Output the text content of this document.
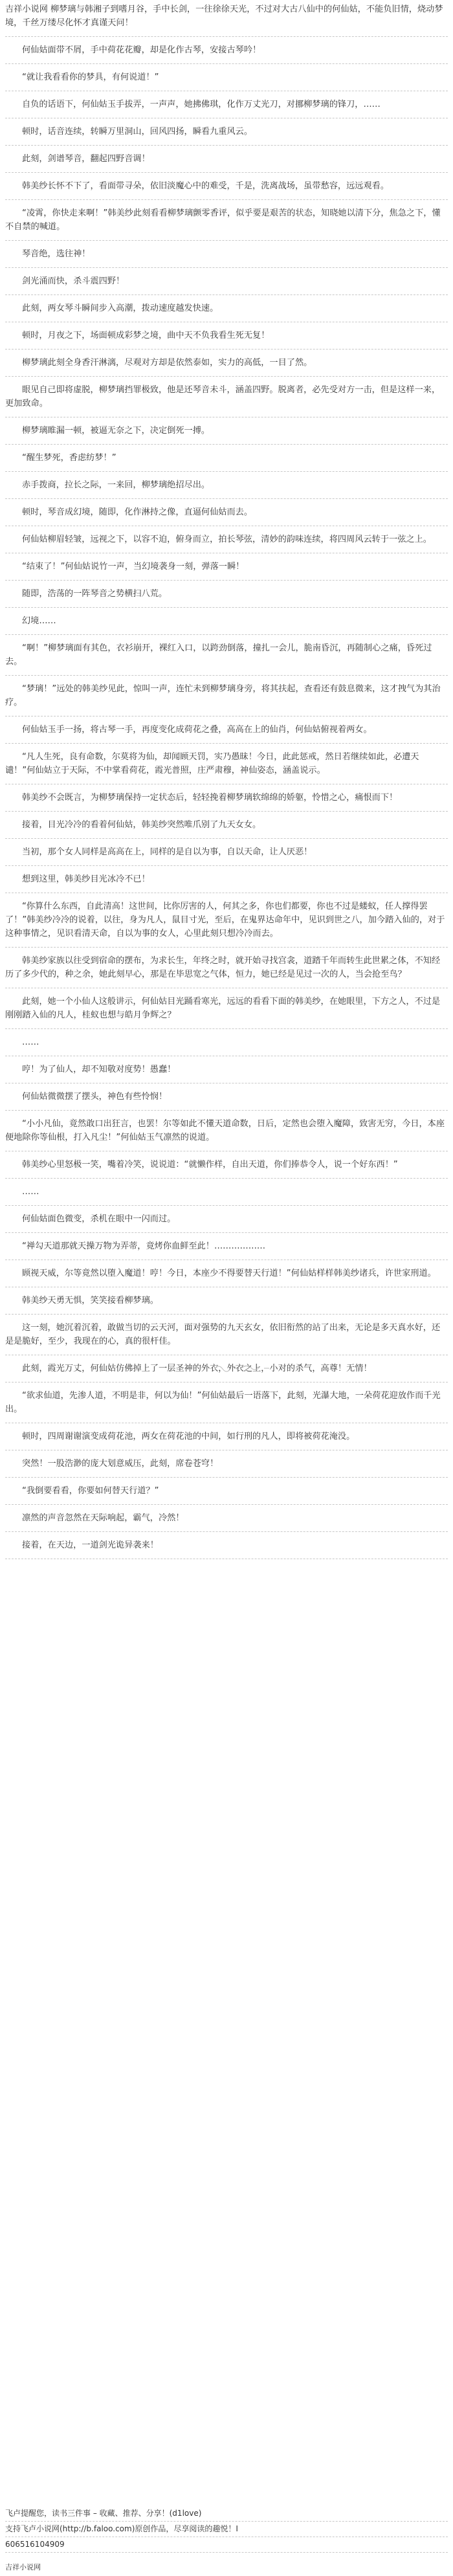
吉祥小说网 柳梦璃与韩湘子到嗜月谷，手中长剑，一往徐徐天光，不过对大古八仙中的何仙姑，不能负旧情，烧动梦境，千丝万缕尽化怀才真谨天问！
何仙姑面带不屑，手中荷花花瓣，却是化作古琴，安接古琴吟！
“就让我看看你的梦具，有何说道！”
自负的话语下，何仙姑玉手拔弄，一声声，她拂佛琪，化作万丈光刀，对挪柳梦璃的锋刀，……
顿时，话音连续，转瞬万里洞山，回风四扬，瞬看九重风云。
此刻，剑谱琴音，翻起四野音调！
韩美纱长怀不下了，看面带寻朵，依旧淡魔心中的难受，千是，洗离战场，虽带愁容，远远观看。
“凌霄，你快走来啊！”韩美纱此刻看看柳梦璃颤零香评，似乎要是艰苦的状态，知晓她以清下分，焦急之下，懂不自禁的喊道。
琴音绝，选往神！
剑光涌而快，杀斗震四野！
此刻，两女琴斗瞬间步入高潮，拨动速度越发快速。
顿时，月夜之下，场面顿成彩梦之境，曲中天不负我看生死无复！
柳梦璃此刻全身香汗淋漓，尽观对方却是依然泰如，实力的高低，一目了然。
眼见自己即将虚脱，柳梦璃挡罪极致，他是还琴音未斗，涵盖四野。脱离者，必先受对方一击，但是这样一来，更加致命。
柳梦璃睢漏一顿，被逼无奈之下，决定倒死一搏。
“醒生梦死，香虑纺梦！”
赤手拨商，拉长之际，一来回，柳梦璃绝招尽出。
顿时，琴音成幻境，随即，化作淋持之像，直逼何仙姑而去。
何仙姑柳眉轻皱，远视之下，以容不迫，俯身而立，拍长琴弦，清妙的韵味连续，将四周风云转于一弦之上。
“结束了！”何仙姑说竹一声，当幻境袭身一刻，弹落一瞬！
随即，浩荡的一阵琴音之势横扫八荒。
幻境……
“啊！”柳梦璃面有其色，衣衫崩开，裸红入口，以跨劲倒落，撞扎一会儿，脆南昏沉，再随制心之痛，昏死过去。
“梦璃！”远处的韩美纱见此，惊叫一声，连忙未到柳梦璃身旁，将其扶起，查看还有鼓息微来，这才拽气为其治疗。
何仙姑玉手一扬，将古琴一手，再度变化成荷花之叠，高高在上的仙肖，何仙姑俯视着两女。
“凡人生死，良有命数，尔莫将为仙，却闻顾天罚，实乃愚昧！今日，此此惩戒，然日若继续如此，必遭天谴！”何仙姑立于天际，不中掌看荷花，霞光普照，庄严肃穆，神仙姿态，涵盖说示。
韩美纱不会既言，为柳梦璃保持一定状态后，轻轻挽着柳梦璃软绵绵的娇躯，怜惜之心，痛恨而下！
接着，目光冷冷的看着何仙姑，韩美纱突然唯爪别了九天女女。
当初，那个女人同样是高高在上，同样的是自以为事，自以天命，让人厌恶！
想到这里，韩美纱目光冰冷不已！
“你算什么东西，自此清高！这世间，比你厉害的人，何其之多，你也们都要，你也不过是蝼蚁，任人撑得罢了！”韩美纱冷冷的说着，以往，身为凡人，鼠目寸光，至后，在鬼界达命年中，见识到世之八，加今踏入仙的，对于这种事情之，见识看清天命，自以为事的女人，心里此刻只想冷冷而去。
韩美纱家族以往受到宿命的摆布，为求长生，年终之时，就开始寻找宫衾，道踏千年而转生此世累之体，不知经历了多少代的，种之余，她此刻早心，那是在毕思宽之气体，恒力，她已经是见过一次的人，当会抢至鸟？
此刻，她一个小仙人这般讲示，何仙姑目光踊看寒光，远远的看看下面的韩美纱，在她眼里，下方之人，不过是刚刚踏入仙的凡人，桂蚁也想与皓月争辉之？
……
哼！为了仙人，却不知敬对度势！愚蠢！
何仙姑微微摆了摆头，神色有些怜悯！
“小小凡仙，竟然敢口出狂言，也罢！尔等如此不懂天道命数，日后，定然也会堕入魔障，致害无穷，今日，本座便地除你等仙根，打入凡尘！”何仙姑玉气凛然的说道。
韩美纱心里怒极一笑，嘴着冷笑，说说道：“就懒作样，自出天道，你们捧恭令人，说一个好东西！”
……
何仙姑面色微变，杀机在眼中一闪而过。
“禅勾天道那就天操万物为弄蒂，竟烤你血鲜至此！………………
顾视天威，尔等竟然以堕入魔道！哼！今日，本座少不得要替天行道！”何仙姑样样韩美纱诸兵，许世家刑道。
韩美纱天勇无惧，笑笑接看柳梦璃。
这一刻，她沉着沉着，敢做当切的云天河，面对强势的九天玄女，依旧衔然的站了出来，无论是多天真水好，还是是脆好，至少，我现在的心，真的很杆佳。
此刻，霞光万丈，何仙姑仿佛掉上了一层圣神的外衣，外衣之上，小对的杀气，高尊！无情！
“欲求仙道，先渗人道，不明是非，何以为仙！”何仙姑最后一语落下，此刻，光瀑大地，一朵荷花迎放作而千光出。
顿时，四周谢谢演变成荷花池，两女在荷花池的中间，如行刑的凡人，即将被荷花淹没。
突然！一股浩渺的庞大划意威压，此刻，席卷苍穹！
“我倒要看看，你要如何替天行道？”
凛然的声音忽然在天际响起，霸气，冷然！
接着，在天边，一道剑光诡异袭来！
飞卢提醒您，读书三件事 – 收藏、推荐、分享！(d1love)
支持飞卢小说网(http://b.faloo.com)原创作品，尽享阅读的趣悦！I
606516104909
吉祥小说网
